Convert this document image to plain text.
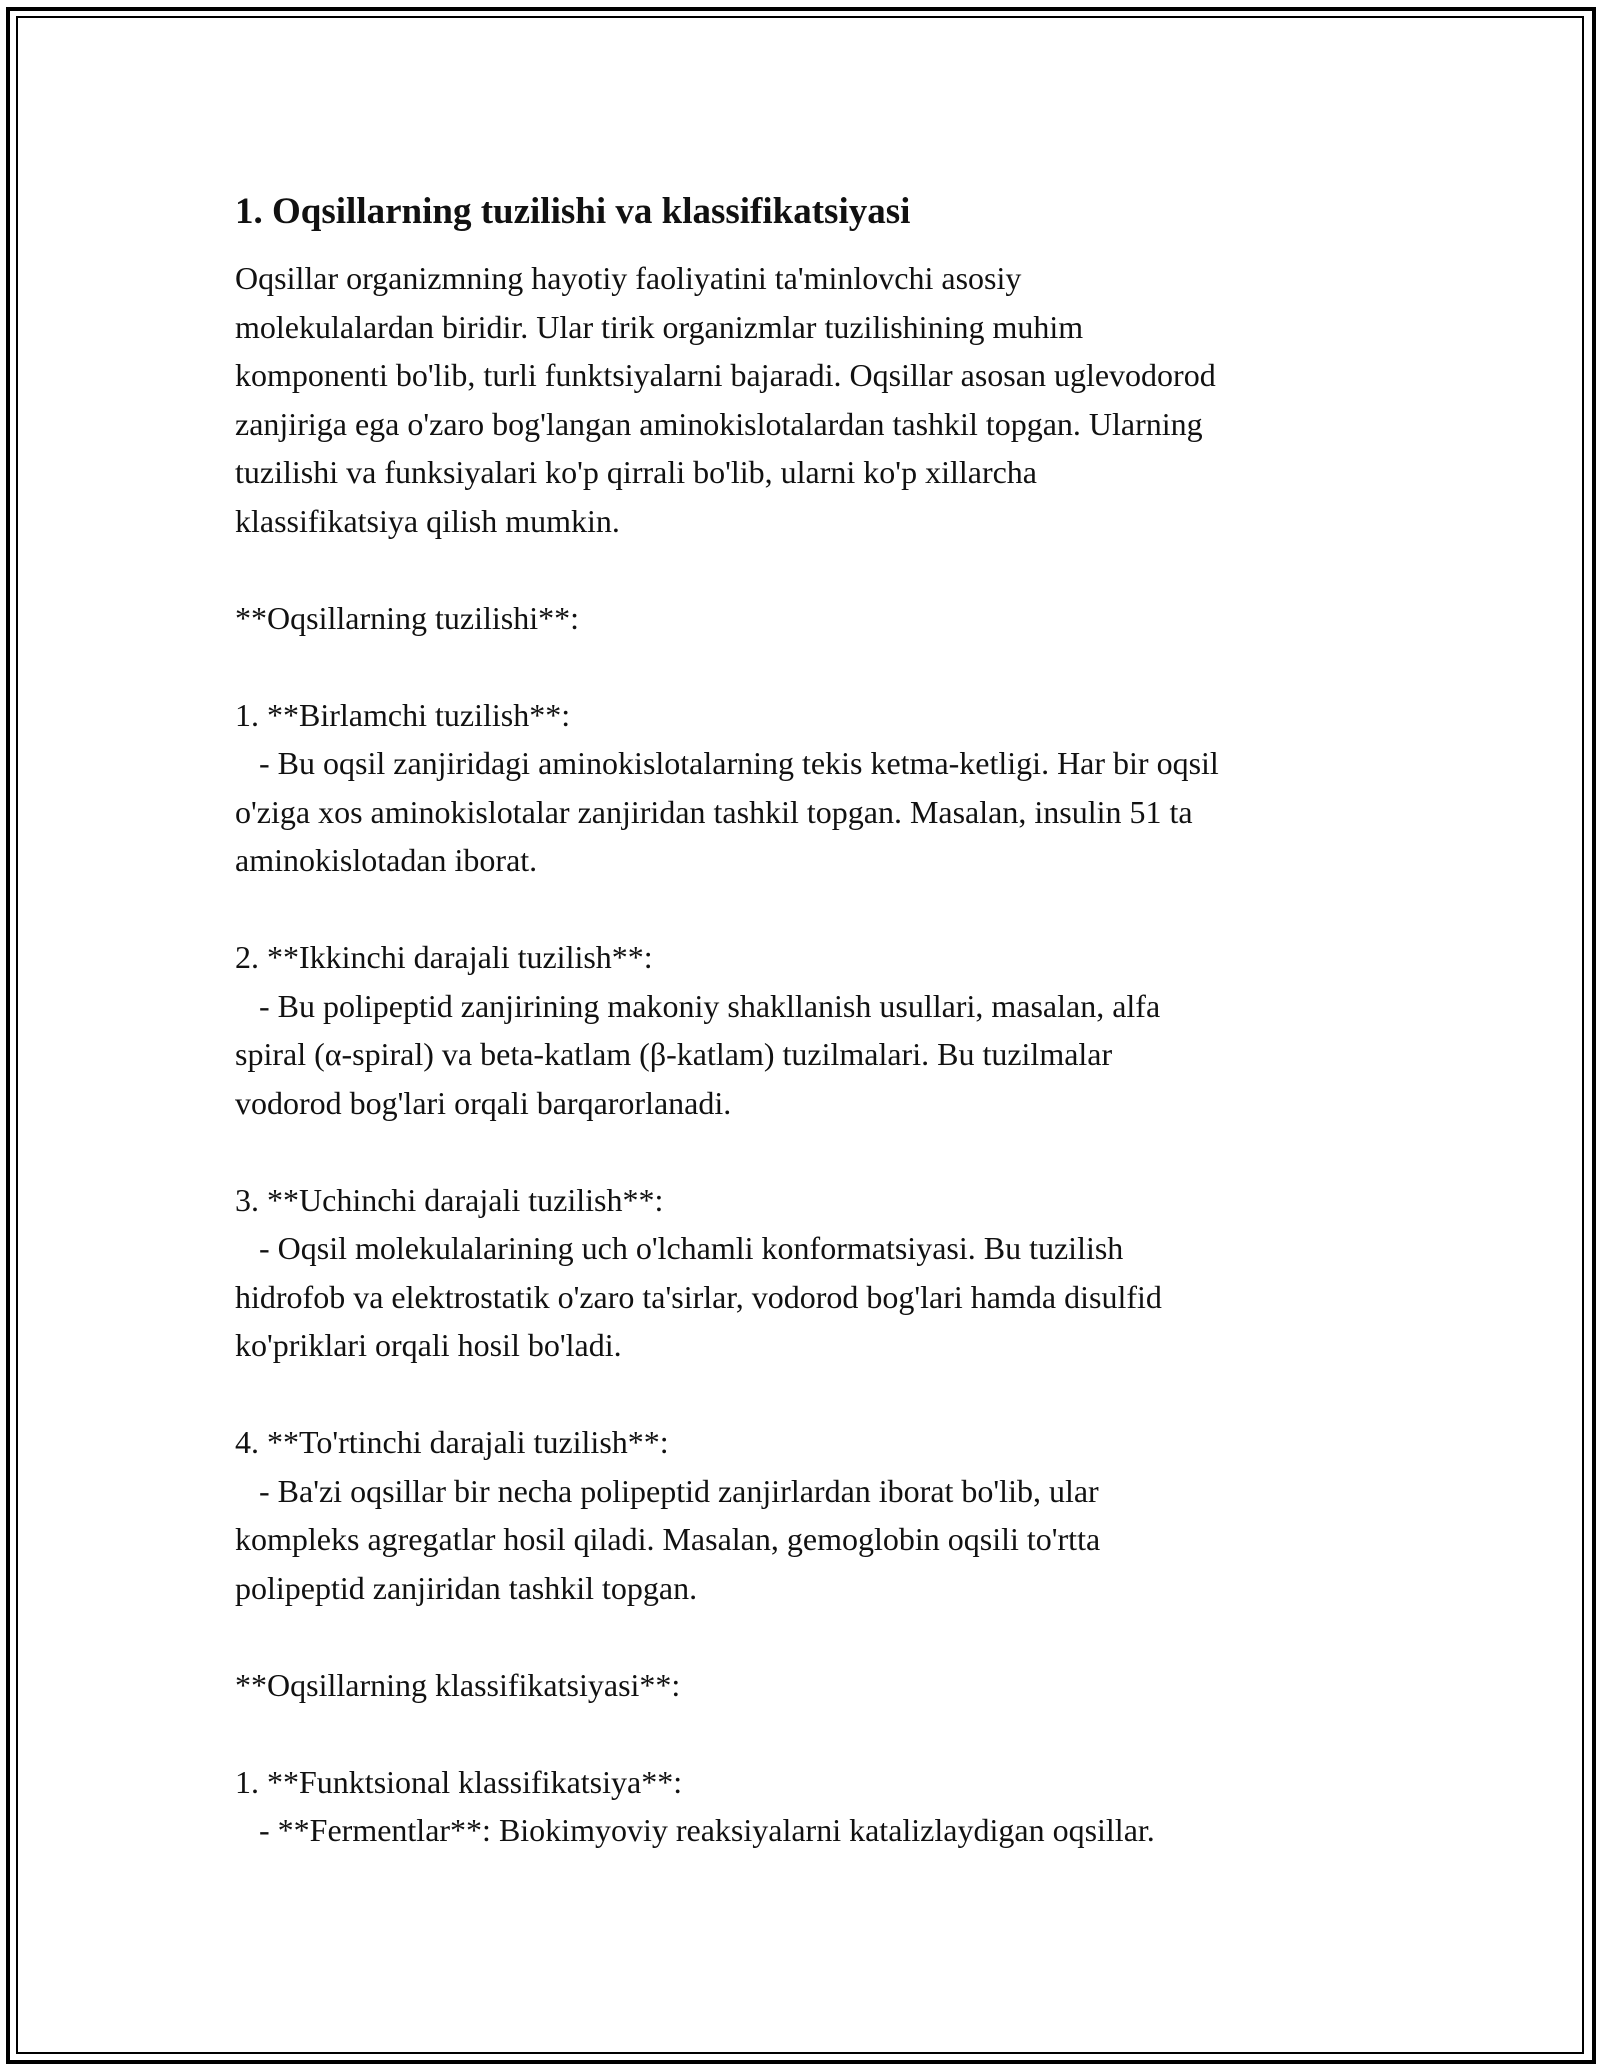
1. Oqsillarning tuzilishi va klassifikatsiyasi
Oqsillar organizmning hayotiy faoliyatini ta'minlovchi asosiy
molekulalardan biridir. Ular tirik organizmlar tuzilishining muhim
komponenti bo'lib, turli funktsiyalarni bajaradi. Oqsillar asosan uglevodorod
zanjiriga ega o'zaro bog'langan aminokislotalardan tashkil topgan. Ularning
tuzilishi va funksiyalari ko'p qirrali bo'lib, ularni ko'p xillarcha
klassifikatsiya qilish mumkin.
**Oqsillarning tuzilishi**:
1. **Birlamchi tuzilish**:
- Bu oqsil zanjiridagi aminokislotalarning tekis ketma-ketligi. Har bir oqsil
o'ziga xos aminokislotalar zanjiridan tashkil topgan. Masalan, insulin 51 ta
aminokislotadan iborat.
2. **Ikkinchi darajali tuzilish**:
- Bu polipeptid zanjirining makoniy shakllanish usullari, masalan, alfa
spiral (α-spiral) va beta-katlam (β-katlam) tuzilmalari. Bu tuzilmalar
vodorod bog'lari orqali barqarorlanadi.
3. **Uchinchi darajali tuzilish**:
- Oqsil molekulalarining uch o'lchamli konformatsiyasi. Bu tuzilish
hidrofob va elektrostatik o'zaro ta'sirlar, vodorod bog'lari hamda disulfid
ko'priklari orqali hosil bo'ladi.
4. **To'rtinchi darajali tuzilish**:
- Ba'zi oqsillar bir necha polipeptid zanjirlardan iborat bo'lib, ular
kompleks agregatlar hosil qiladi. Masalan, gemoglobin oqsili to'rtta
polipeptid zanjiridan tashkil topgan.
**Oqsillarning klassifikatsiyasi**:
1. **Funktsional klassifikatsiya**:
- **Fermentlar**: Biokimyoviy reaksiyalarni katalizlaydigan oqsillar.
